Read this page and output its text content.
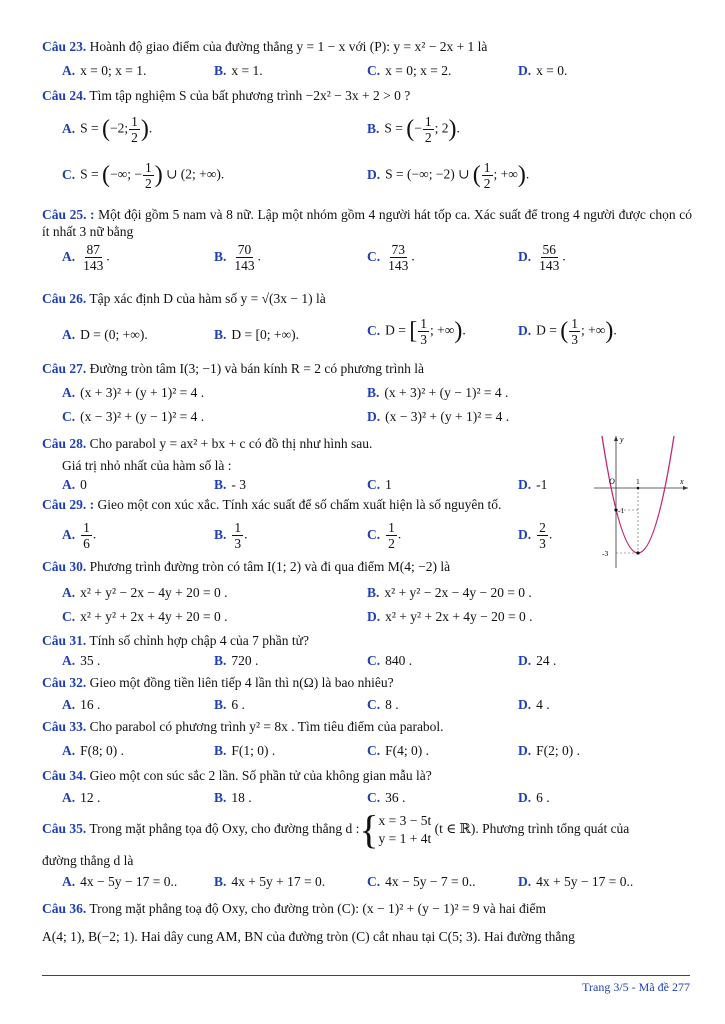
Câu 23. Hoành độ giao điểm của đường thẳng y = 1 − x với (P): y = x² − 2x + 1 là
A. x = 0; x = 1.	B. x = 1.	C. x = 0; x = 2.	D. x = 0.
Câu 24. Tìm tập nghiệm S của bất phương trình −2x² − 3x + 2 > 0 ?
A. S = (−2; $\frac{1}{2}$ ).	B. S = (− $\frac{1}{2}$ ; 2).
C. S = (−∞; − $\frac{1}{2}$ ) ∪ (2; +∞).	D. S = (−∞; −2) ∪ ( $\frac{1}{2}$ ; +∞).
Câu 25. : Một đội gồm 5 nam và 8 nữ. Lập một nhóm gồm 4 người hát tốp ca. Xác suất để trong 4 người được chọn có ít nhất 3 nữ bằng
A. $\frac{87}{143}$ .	B. $\frac{70}{143}$ .	C. $\frac{73}{143}$ .	D. $\frac{56}{143}$ .
Câu 26. Tập xác định D của hàm số y = √(3x − 1) là
A. D = (0; +∞).	B. D = [0; +∞).	C. D = [ $\frac{1}{3}$ ; +∞).	D. D = ( $\frac{1}{3}$ ; +∞).
Câu 27. Đường tròn tâm I(3; −1) và bán kính R = 2 có phương trình là
A. (x + 3)² + (y + 1)² = 4 .	B. (x + 3)² + (y − 1)² = 4 .
C. (x − 3)² + (y − 1)² = 4 .	D. (x − 3)² + (y + 1)² = 4 .
Câu 28. Cho parabol y = ax² + bx + c có đồ thị như hình sau.
Giá trị nhỏ nhất của hàm số là :
A. 0	B. - 3	C. 1	D. -1
y
x
O	1
-1
-3
Câu 29. : Gieo một con xúc xắc. Tính xác suất để số chấm xuất hiện là số nguyên tố.
A. $\frac{1}{6}$ .	B. $\frac{1}{3}$ .	C. $\frac{1}{2}$ .	D. $\frac{2}{3}$ .
Câu 30. Phương trình đường tròn có tâm I(1; 2) và đi qua điểm M(4; −2) là
A. x² + y² − 2x − 4y + 20 = 0 .	B. x² + y² − 2x − 4y − 20 = 0 .
C. x² + y² + 2x + 4y + 20 = 0 .	D. x² + y² + 2x + 4y − 20 = 0 .
Câu 31. Tính số chỉnh hợp chập 4 của 7 phần tử?
A. 35 .	B. 720 .	C. 840 .	D. 24 .
Câu 32. Gieo một đồng tiền liên tiếp 4 lần thì n(Ω) là bao nhiêu?
A. 16 .	B. 6 .	C. 8 .	D. 4 .
Câu 33. Cho parabol có phương trình y² = 8x . Tìm tiêu điểm của parabol.
A. F(8; 0) .	B. F(1; 0) .	C. F(4; 0) .	D. F(2; 0) .
Câu 34. Gieo một con súc sắc 2 lần. Số phần tử của không gian mẫu là?
A. 12 .	B. 18 .	C. 36 .	D. 6 .
Câu 35. Trong mặt phẳng tọa độ Oxy, cho đường thẳng d :{ x = 3 − 5t
y = 1 + 4t
(t ∈ ℝ). Phương trình tổng quát của
đường thẳng d là
A. 4x − 5y − 17 = 0..	B. 4x + 5y + 17 = 0.	C. 4x − 5y − 7 = 0..	D. 4x + 5y − 17 = 0..
Câu 36. Trong mặt phẳng toạ độ Oxy, cho đường tròn (C): (x − 1)² + (y − 1)² = 9 và hai điểm
A(4; 1), B(−2; 1). Hai dây cung AM, BN của đường tròn (C) cắt nhau tại C(5; 3). Hai đường thẳng
Trang 3/5 - Mã đề 277
